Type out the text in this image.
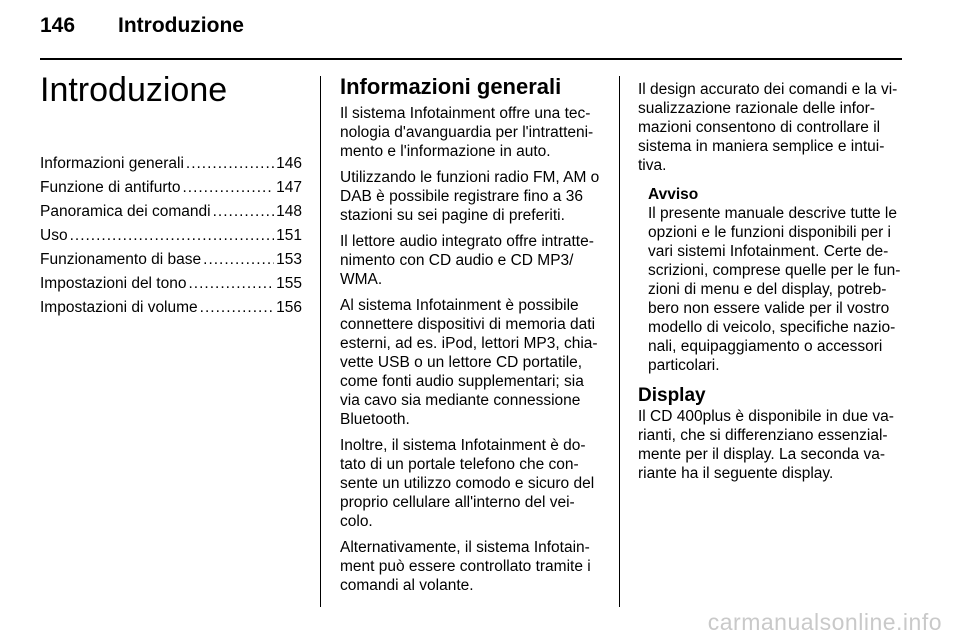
146 Introduzione
Introduzione
Informazioni generali .....	146
Funzione di antifurto .....	147
Panoramica dei comandi .....	148
Uso .....	151
Funzionamento di base .....	153
Impostazioni del tono .....	155
Impostazioni di volume .....	156
Informazioni generali

Il sistema Infotainment offre una tec-nologia d'avanguardia per l'intratteni-mento e l'informazione in auto.

Utilizzando le funzioni radio FM, AM o DAB è possibile registrare fino a 36 stazioni su sei pagine di preferiti.

Il lettore audio integrato offre intratte-nimento con CD audio e CD MP3/ WMA.

Al sistema Infotainment è possibile connettere dispositivi di memoria dati esterni, ad es. iPod, lettori MP3, chia-vette USB o un lettore CD portatile, come fonti audio supplementari; sia via cavo sia mediante connessione Bluetooth.

Inoltre, il sistema Infotainment è do-tato di un portale telefono che con-sente un utilizzo comodo e sicuro del proprio cellulare all'interno del vei-colo.

Alternativamente, il sistema Infotain-ment può essere controllato tramite i comandi al volante.

Il design accurato dei comandi e la vi-sualizzazione razionale delle infor-mazioni consentono di controllare il sistema in maniera semplice e intui-tiva.

Avviso

Il presente manuale descrive tutte le opzioni e le funzioni disponibili per i vari sistemi Infotainment. Certe de-scrizioni, comprese quelle per le fun-zioni di menu e del display, potreb-bero non essere valide per il vostro modello di veicolo, specifiche nazio-nali, equipaggiamento o accessori particolari.

Display

Il CD 400plus è disponibile in due va-rianti, che si differenziano essenzial-mente per il display. La seconda va-riante ha il seguente display.

carmanualsonline.info
